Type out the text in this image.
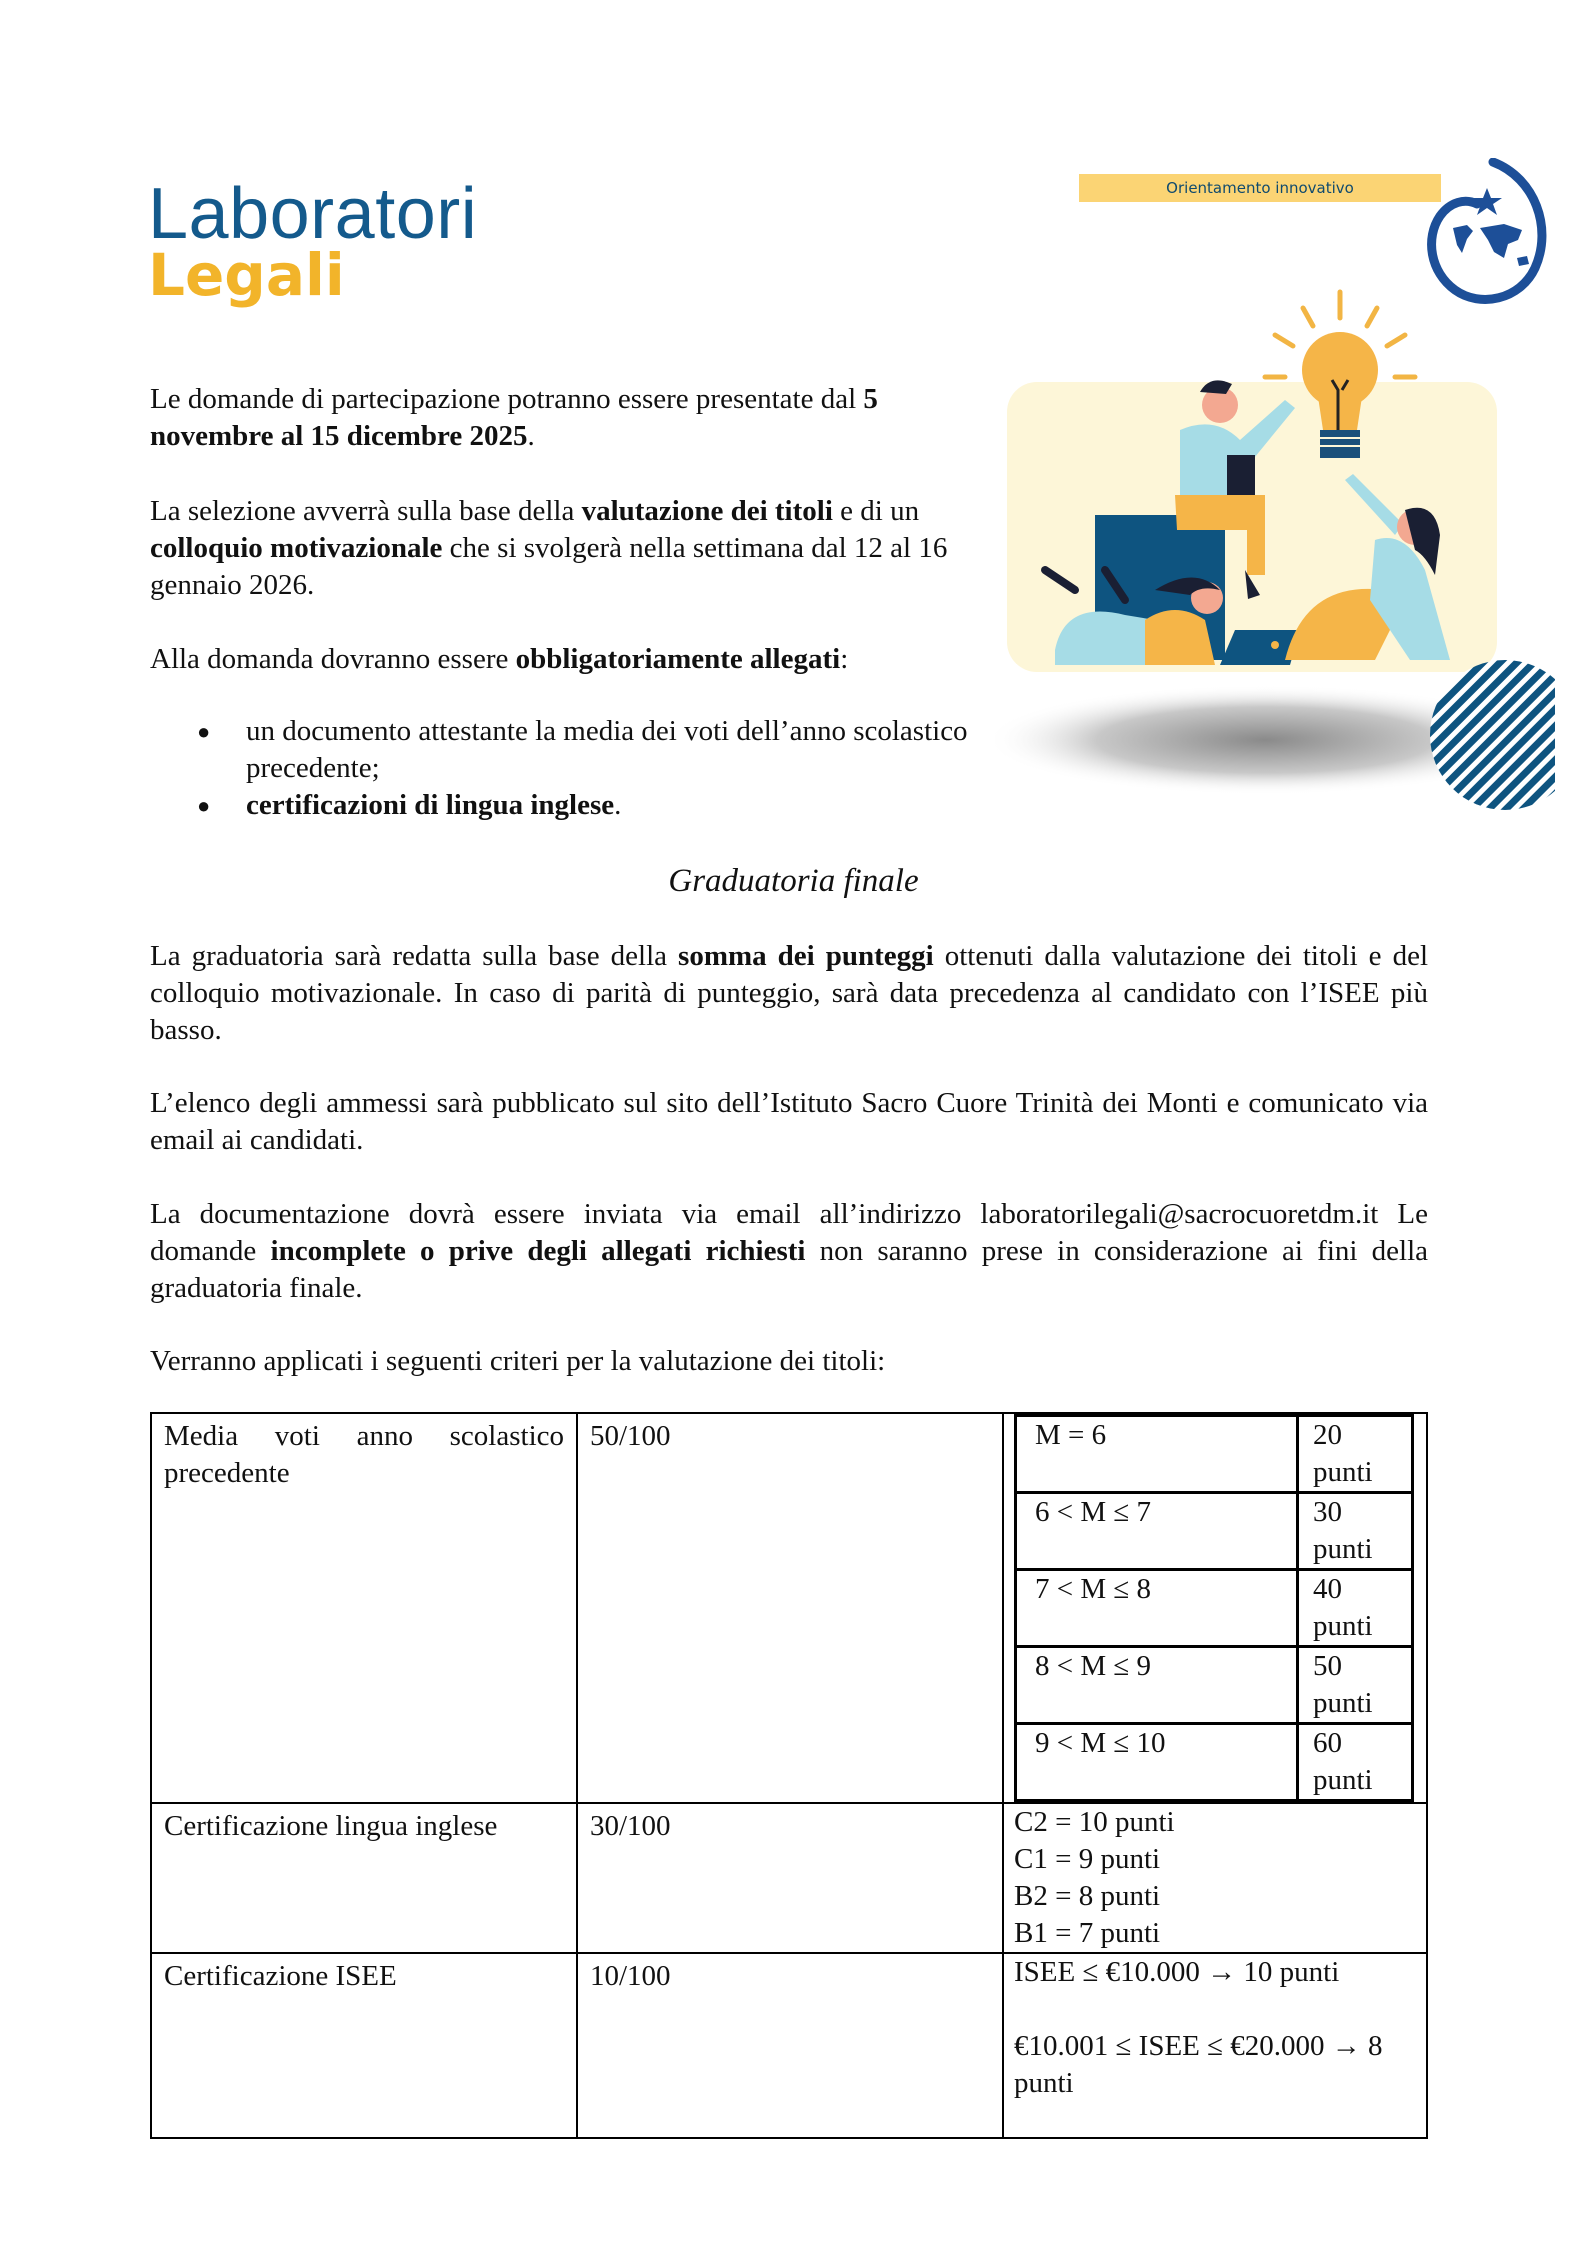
Laboratori
Legali
Orientamento innovativo
Le domande di partecipazione potranno essere presentate dal 5 novembre al 15 dicembre 2025.
La selezione avverrà sulla base della valutazione dei titoli e di un
colloquio motivazionale che si svolgerà nella settimana dal 12 al 16 gennaio 2026.
Alla domanda dovranno essere obbligatoriamente allegati:
● un documento attestante la media dei voti dell’anno scolastico precedente;
● certificazioni di lingua inglese.
Graduatoria finale
La graduatoria sarà redatta sulla base della somma dei punteggi ottenuti dalla valutazione dei titoli e del colloquio motivazionale. In caso di parità di punteggio, sarà data precedenza al candidato con l’ISEE più basso.
L’elenco degli ammessi sarà pubblicato sul sito dell’Istituto Sacro Cuore Trinità dei Monti e comunicato via email ai candidati.
La documentazione dovrà essere inviata via email all’indirizzo laboratorilegali@sacrocuoretdm.it Le domande incomplete o prive degli allegati richiesti non saranno prese in considerazione ai fini della graduatoria finale.
Verranno applicati i seguenti criteri per la valutazione dei titoli:
Media voti anno scolastico
precedente
	50/100		M = 6	20 punti
6 < M ≤ 7	30 punti
7 < M ≤ 8	40 punti
8 < M ≤ 9	50 punti
9 < M ≤ 10	60 punti

Certificazione lingua inglese	30/100	C2 = 10 punti
C1 = 9 punti
B2 = 8 punti
B1 = 7 punti

Certificazione ISEE	10/100	ISEE ≤ €10.000 → 10 punti
€10.001 ≤ ISEE ≤ €20.000 → 8 punti
